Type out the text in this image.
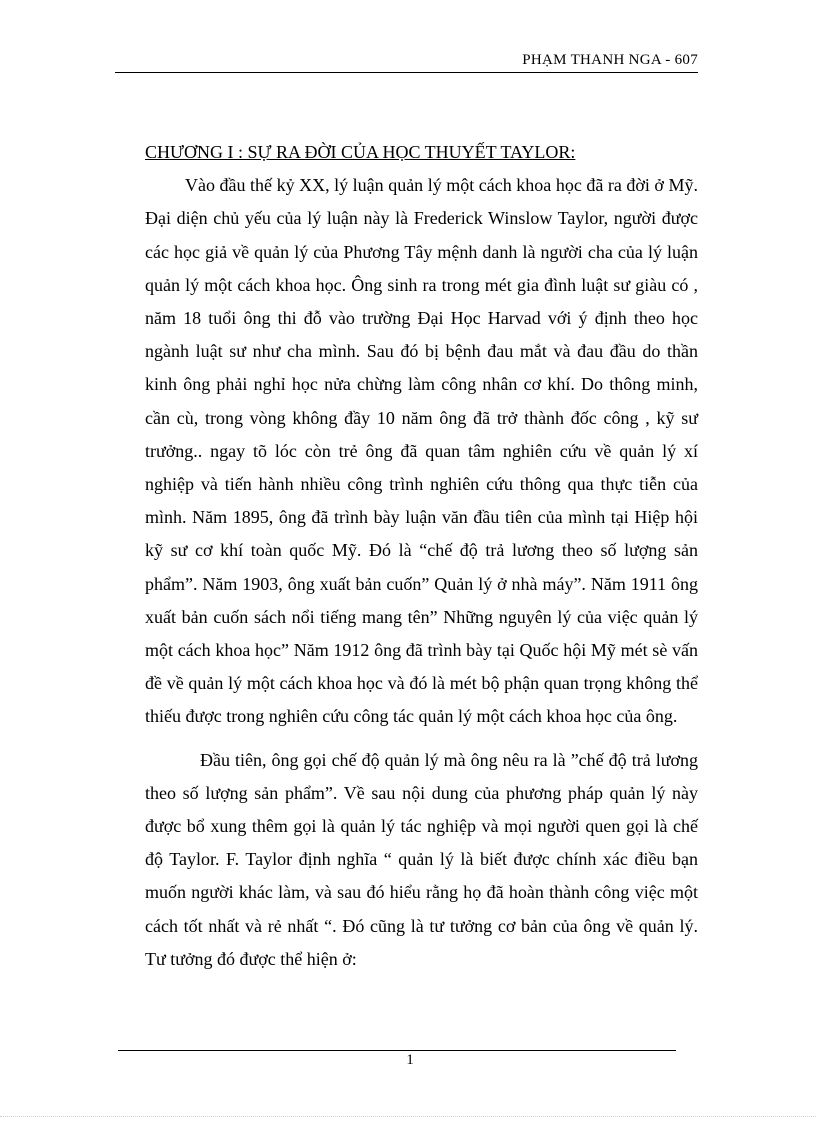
PHẠM THANH NGA - 607
CHƯƠNG I : SỰ RA ĐỜI CỦA HỌC THUYẾT TAYLOR:

Vào đầu thế kỷ XX, lý luận quản lý một cách khoa học đã ra đời ở Mỹ. Đại diện chủ yếu của lý luận này là Frederick Winslow Taylor, người được các học giả về quản lý của Phương Tây mệnh danh là người cha của lý luận quản lý một cách khoa học. Ông sinh ra trong mét gia đình luật sư giàu có , năm 18 tuổi ông thi đỗ vào trường Đại Học Harvad với ý định theo học ngành luật sư như cha mình. Sau đó bị bệnh đau mắt và đau đầu do thần kinh ông phải nghỉ học nửa chừng làm công nhân cơ khí. Do thông minh, cần cù, trong vòng không đầy 10 năm ông đã trở thành đốc công , kỹ sư trưởng.. ngay tõ lóc còn trẻ ông đã quan tâm nghiên cứu về quản lý xí nghiệp và tiến hành nhiều công trình nghiên cứu thông qua thực tiễn của mình. Năm 1895, ông đã trình bày luận văn đầu tiên của mình tại Hiệp hội kỹ sư cơ khí toàn quốc Mỹ. Đó là “chế độ trả lương theo số lượng sản phẩm”. Năm 1903, ông xuất bản cuốn” Quản lý ở nhà máy”. Năm 1911 ông xuất bản cuốn sách nổi tiếng mang tên” Những nguyên lý của việc quản lý một cách khoa học” Năm 1912 ông đã trình bày tại Quốc hội Mỹ mét sè vấn đề về quản lý một cách khoa học và đó là mét bộ phận quan trọng không thể thiếu được trong nghiên cứu công tác quản lý một cách khoa học của ông.

Đầu tiên, ông gọi chế độ quản lý mà ông nêu ra là ”chế độ trả lương theo số lượng sản phẩm”. Về sau nội dung của phương pháp quản lý này được bổ xung thêm gọi là quản lý tác nghiệp và mọi người quen gọi là chế độ Taylor. F. Taylor định nghĩa “ quản lý là biết được chính xác điều bạn muốn người khác làm, và sau đó hiểu rằng họ đã hoàn thành công việc một cách tốt nhất và rẻ nhất “. Đó cũng là tư tưởng cơ bản của ông về quản lý. Tư tưởng đó được thể hiện ở:

1
